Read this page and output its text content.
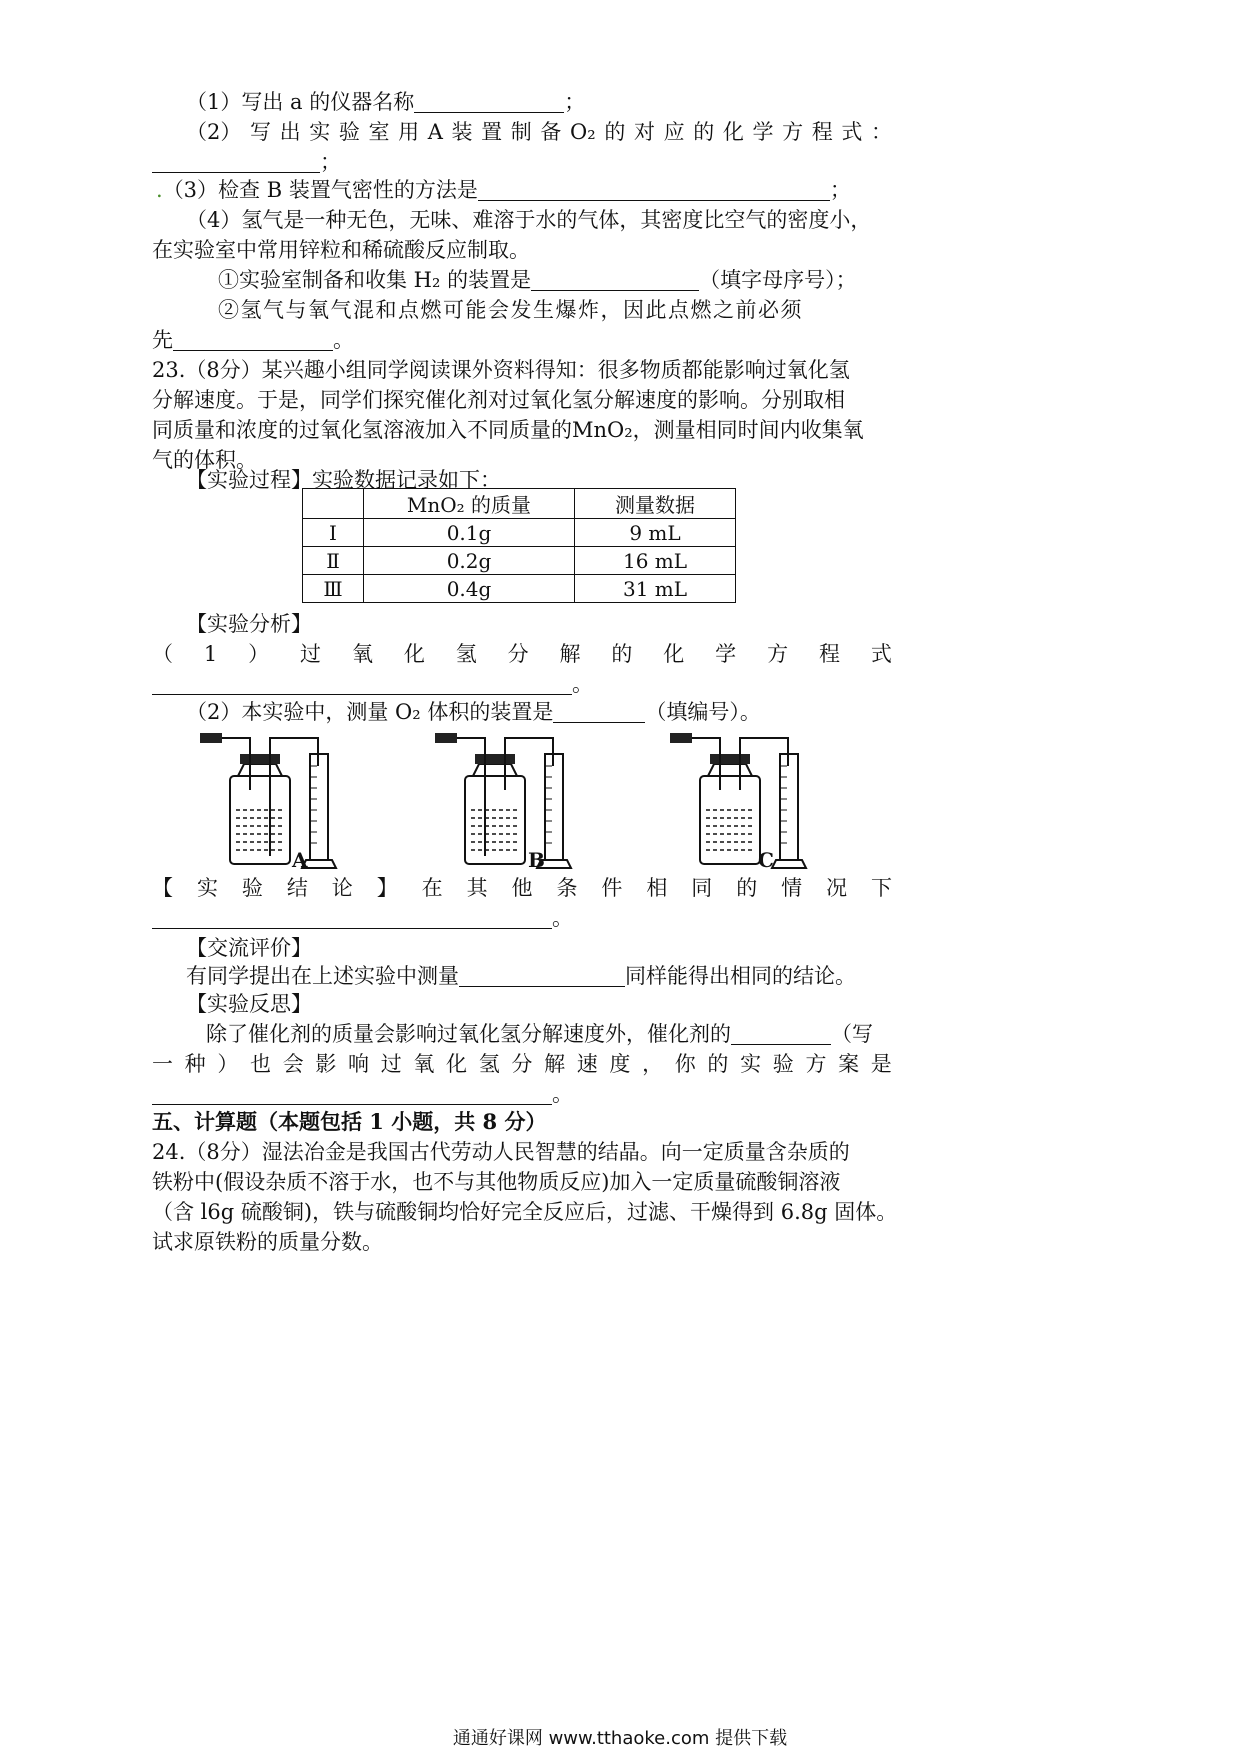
（1）写出 a 的仪器名称	；
（2） 写 出 实 验 室 用 A 装 置 制 备 O₂ 的 对 应 的 化 学 方 程 式 ：
；
.（3）检查 B 装置气密性的方法是	；
（4）氢气是一种无色，无味、难溶于水的气体，其密度比空气的密度小，
在实验室中常用锌粒和稀硫酸反应制取。
①实验室制备和收集 H₂ 的装置是	（填字母序号）；
②氢气与氧气混和点燃可能会发生爆炸，因此点燃之前必须
先	。
23.（8分）某兴趣小组同学阅读课外资料得知：很多物质都能影响过氧化氢
分解速度。于是，同学们探究催化剂对过氧化氢分解速度的影响。分别取相
同质量和浓度的过氧化氢溶液加入不同质量的MnO₂，测量相同时间内收集氧
气的体积。
【实验过程】实验数据记录如下：
	MnO₂ 的质量	测量数据
Ⅰ	0.1g	9 mL
Ⅱ	0.2g	16 mL
Ⅲ	0.4g	31 mL
【实验分析】
（ 1 ） 过 氧 化 氢 分 解 的 化 学 方 程 式
。
（2）本实验中，测量 O₂ 体积的装置是	（填编号）。
A	B	C
【 实 验 结 论 】 在 其 他 条 件 相 同 的 情 况 下
。
【交流评价】
有同学提出在上述实验中测量	同样能得出相同的结论。
【实验反思】
除了催化剂的质量会影响过氧化氢分解速度外，催化剂的	（写
一 种 ） 也 会 影 响 过 氧 化 氢 分 解 速 度 ， 你 的 实 验 方 案 是
。
五、计算题（本题包括 1 小题，共 8 分）
24.（8分）湿法冶金是我国古代劳动人民智慧的结晶。向一定质量含杂质的
铁粉中(假设杂质不溶于水，也不与其他物质反应)加入一定质量硫酸铜溶液
（含 l6g 硫酸铜)，铁与硫酸铜均恰好完全反应后，过滤、干燥得到 6.8g 固体。
试求原铁粉的质量分数。
通通好课网 www.tthaoke.com 提供下载
